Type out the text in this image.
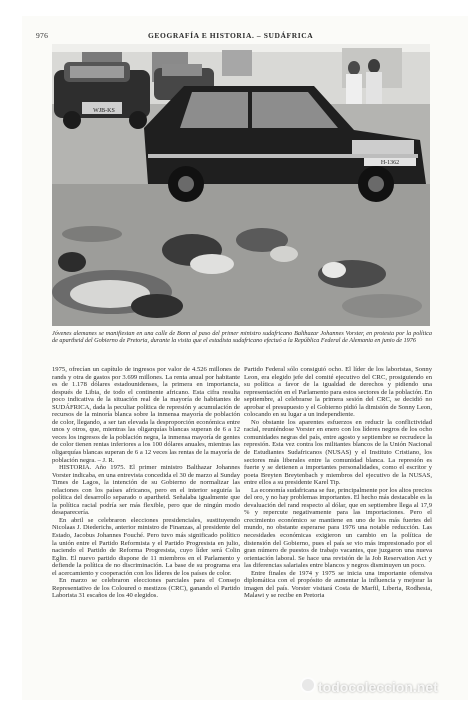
976	GEOGRAFÍA E HISTORIA. – SUDÁFRICA
WJB-KS
H-1362
Jóvenes alemanes se manifiestan en una calle de Bonn al paso del primer ministro sudafricano Balthazar Johannes Vorster, en protesta por la política de apartheid del Gobierno de Pretoria, durante la visita que el estadista sudafricano efectuó a la República Federal de Alemania en junio de 1976

1975, ofrecían un capítulo de ingresos por valor de 4.526 millones de rands y otra de gastos por 3.699 millones. La renta anual por habitante es de 1.178 dólares estadounidenses, la primera en importancia, después de Libia, de todo el continente africano. Esta cifra resulta poco indicativa de la situación real de la mayoría de habitantes de SUDÁFRICA, dada la peculiar política de represión y acumulación de recursos de la minoría blanca sobre la inmensa mayoría de población de color, llegando, a ser tan elevada la desproporción económica entre unos y otros, que, mientras las oligarquías blancas superan de 6 a 12 veces los ingresos de la población negra, la inmensa mayoría de gentes de color tienen rentas inferiores a los 100 dólares anuales, mientras las oligarquías blancas superan de 6 a 12 veces las rentas de la mayoría de población negra. – J. R.

HISTORIA. Año 1975. El primer ministro Balthazar Johannes Vorster indicaba, en una entrevista concedida el 30 de marzo al Sunday Times de Lagos, la intención de su Gobierno de normalizar las relaciones con los países africanos, pero en el interior seguiría la política del desarrollo separado o apartheid. Señalaba igualmente que la política racial podría ser más flexible, pero que de ningún modo desaparecería.

En abril se celebraron elecciones presidenciales, sustituyendo Nicolaas J. Diederichs, anterior ministro de Finanzas, al presidente del Estado, Jacobus Johannes Fouché. Pero tuvo más significado político la unión entre el Partido Reformista y el Partido Progresista en julio, naciendo el Partido de Reforma Progresista, cuyo líder será Colin Eglin. El nuevo partido dispone de 11 miembros en el Parlamento y defiende la política de no discriminación. La base de su programa era el acercamiento y cooperación con los líderes de los países de color.

En marzo se celebraron elecciones parciales para el Consejo Representativo de los Coloured o mestizos (CRC), ganando el Partido Laborista 31 escaños de los 40 elegidos.

Partido Federal sólo consiguió ocho. El líder de los laboristas, Sonny Leon, era elegido jefe del comité ejecutivo del CRC, prosiguiendo en su política a favor de la igualdad de derechos y pidiendo una representación en el Parlamento para estos sectores de la población. En septiembre, al celebrarse la primera sesión del CRC, se decidió no aprobar el presupuesto y el Gobierno pidió la dimisión de Sonny Leon, colocando en su lugar a un independiente.

No obstante los aparentes esfuerzos en reducir la conflictividad racial, reuniéndose Vorster en enero con los líderes negros de los ocho comunidades negras del país, entre agosto y septiembre se recrudece la represión. Esta vez contra los militantes blancos de la Unión Nacional de Estudiantes Sudafricanos (NUSAS) y el Instituto Cristiano, los sectores más liberales entre la comunidad blanca. La represión es fuerte y se detienen a importantes personalidades, como el escritor y poeta Breyten Breytenbach y miembros del ejecutivo de la NUSAS, entre ellos a su presidente Karel Tip.

La economía sudafricana se fue, principalmente por los altos precios del oro, y no hay problemas importantes. El hecho más destacable es la devaluación del rand respecto al dólar, que en septiembre llega al 17,9 % y repercute negativamente para las importaciones. Pero el crecimiento económico se mantiene en uno de los más fuertes del mundo, no obstante esperarse para 1976 una notable reducción. Las necesidades económicas exigieron un cambio en la política de distensión del Gobierno, pues el país se vio más impresionado por el gran número de puestos de trabajo vacantes, que juzgaron una nueva orientación laboral. Se hace una revisión de la Job Reservation Act y las diferencias salariales entre blancos y negros disminuyen un poco.

Entre finales de 1974 y 1975 se inicia una importante ofensiva diplomática con el propósito de aumentar la influencia y mejorar la imagen del país. Vorster visitará Costa de Marfil, Liberia, Rodhesia, Malawi y se recibe en Pretoria

todocoleccion.net
